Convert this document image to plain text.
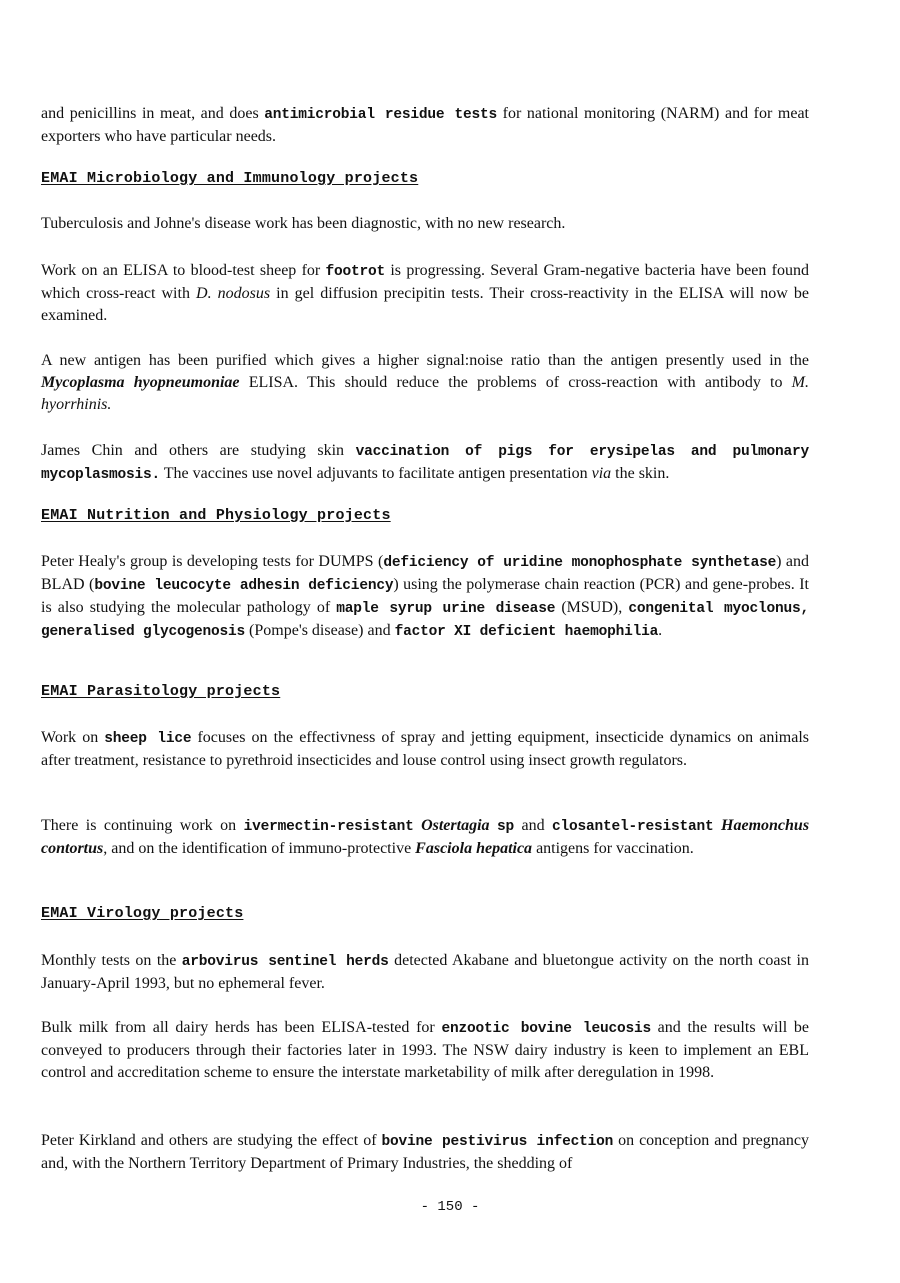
and penicillins in meat, and does antimicrobial residue tests for national monitoring (NARM) and for meat exporters who have particular needs.

EMAI Microbiology and Immunology projects

Tuberculosis and Johne's disease work has been diagnostic, with no new research.

Work on an ELISA to blood-test sheep for footrot is progressing. Several Gram-negative bacteria have been found which cross-react with D. nodosus in gel diffusion precipitin tests. Their cross-reactivity in the ELISA will now be examined.

A new antigen has been purified which gives a higher signal:noise ratio than the antigen presently used in the Mycoplasma hyopneumoniae ELISA. This should reduce the problems of cross-reaction with antibody to M. hyorrhinis.

James Chin and others are studying skin vaccination of pigs for erysipelas and pulmonary mycoplasmosis. The vaccines use novel adjuvants to facilitate antigen presentation via the skin.

EMAI Nutrition and Physiology projects

Peter Healy's group is developing tests for DUMPS (deficiency of uridine monophosphate synthetase) and BLAD (bovine leucocyte adhesin deficiency) using the polymerase chain reaction (PCR) and gene-probes. It is also studying the molecular pathology of maple syrup urine disease (MSUD), congenital myoclonus, generalised glycogenosis (Pompe's disease) and factor XI deficient haemophilia.

EMAI Parasitology projects

Work on sheep lice focuses on the effectivness of spray and jetting equipment, insecticide dynamics on animals after treatment, resistance to pyrethroid insecticides and louse control using insect growth regulators.

There is continuing work on ivermectin-resistant Ostertagia sp and closantel-resistant Haemonchus contortus, and on the identification of immuno-protective Fasciola hepatica antigens for vaccination.

EMAI Virology projects

Monthly tests on the arbovirus sentinel herds detected Akabane and bluetongue activity on the north coast in January-April 1993, but no ephemeral fever.

Bulk milk from all dairy herds has been ELISA-tested for enzootic bovine leucosis and the results will be conveyed to producers through their factories later in 1993. The NSW dairy industry is keen to implement an EBL control and accreditation scheme to ensure the interstate marketability of milk after deregulation in 1998.

Peter Kirkland and others are studying the effect of bovine pestivirus infection on conception and pregnancy and, with the Northern Territory Department of Primary Industries, the shedding of

- 150 -
